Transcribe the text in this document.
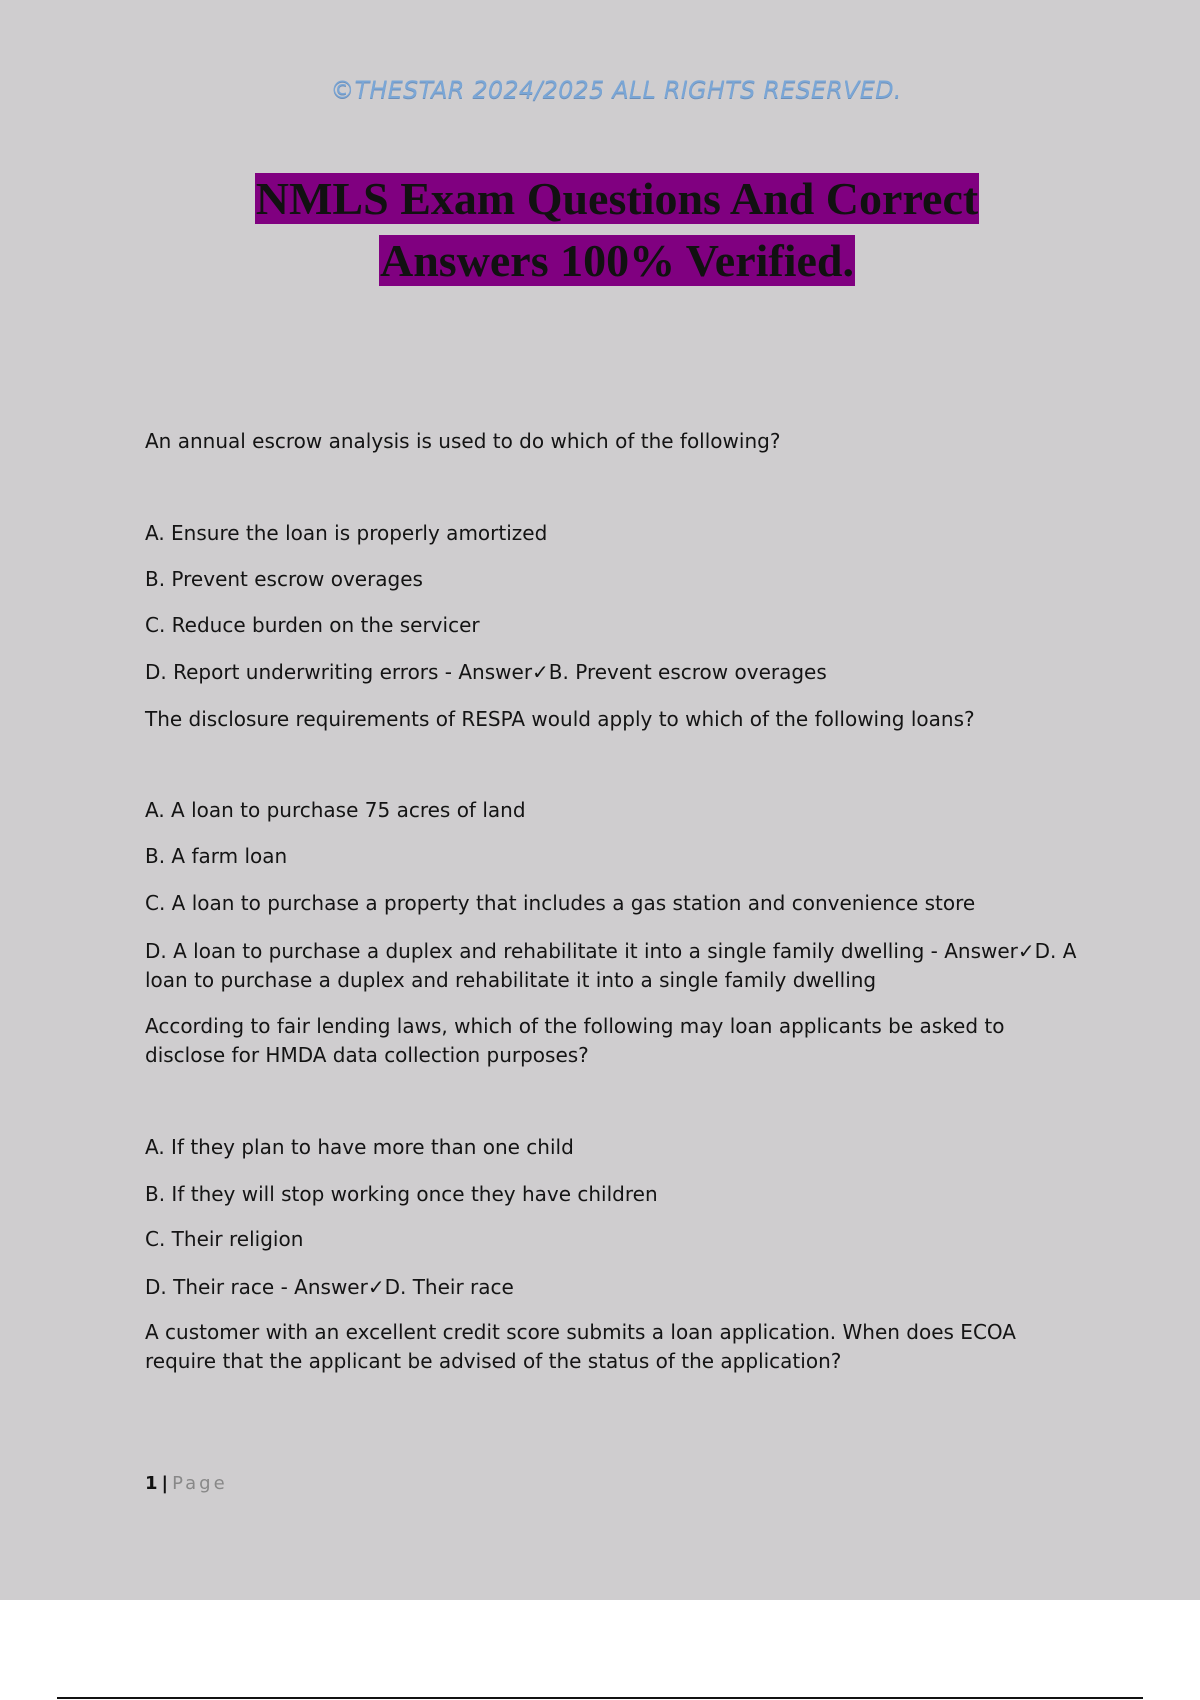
©THESTAR 2024/2025 ALL RIGHTS RESERVED.
NMLS Exam Questions And Correct
Answers 100% Verified.
An annual escrow analysis is used to do which of the following?
A. Ensure the loan is properly amortized
B. Prevent escrow overages
C. Reduce burden on the servicer
D. Report underwriting errors - Answer✓B. Prevent escrow overages
The disclosure requirements of RESPA would apply to which of the following loans?
A. A loan to purchase 75 acres of land
B. A farm loan
C. A loan to purchase a property that includes a gas station and convenience store
D. A loan to purchase a duplex and rehabilitate it into a single family dwelling - Answer✓D. A loan to purchase a duplex and rehabilitate it into a single family dwelling
According to fair lending laws, which of the following may loan applicants be asked to disclose for HMDA data collection purposes?
A. If they plan to have more than one child
B. If they will stop working once they have children
C. Their religion
D. Their race - Answer✓D. Their race
A customer with an excellent credit score submits a loan application. When does ECOA require that the applicant be advised of the status of the application?
1 | Page
